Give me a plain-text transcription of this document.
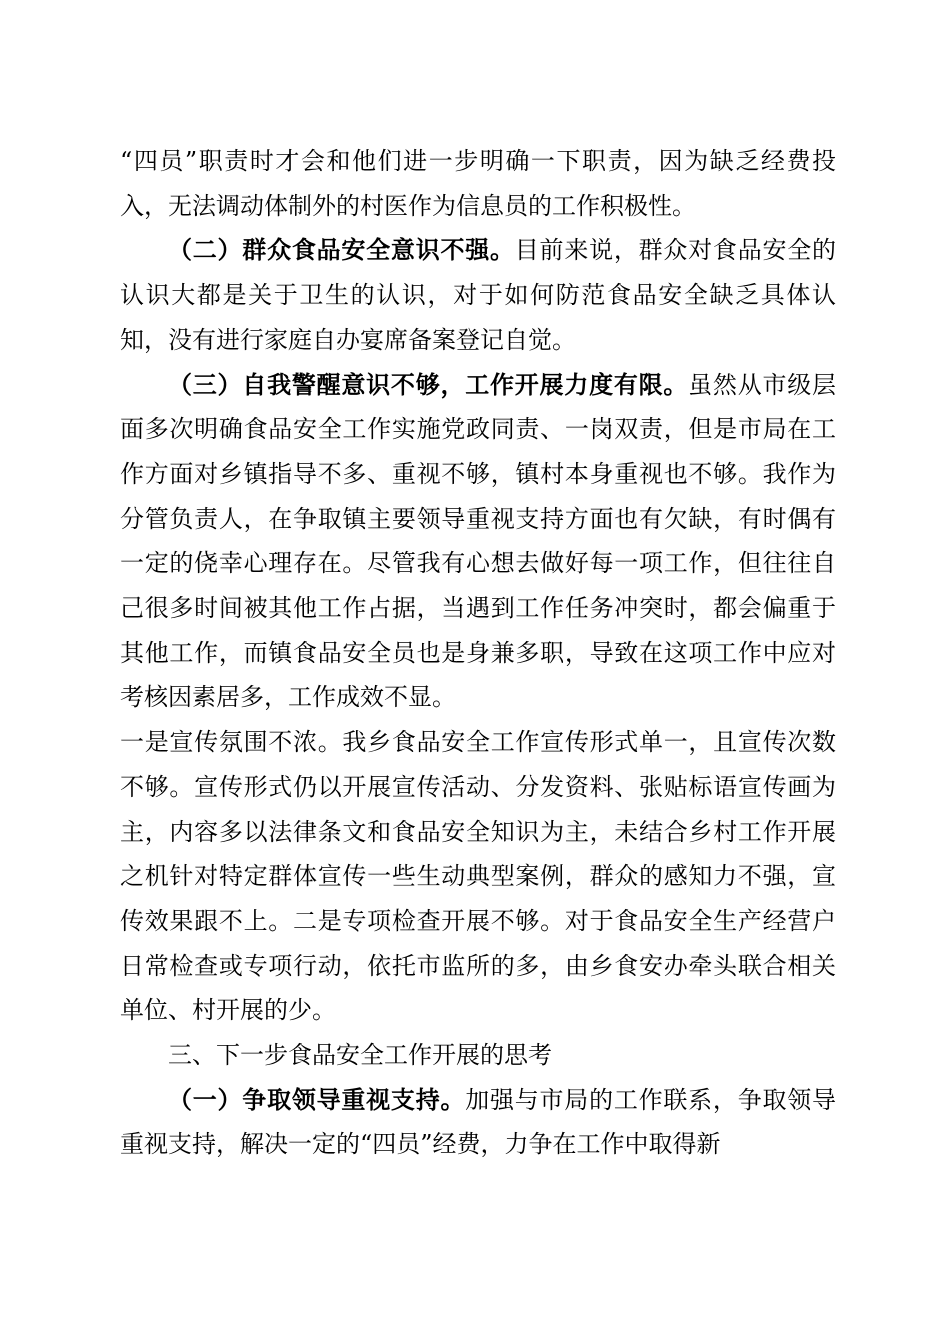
“四员”职责时才会和他们进一步明确一下职责，因为缺乏经费投入，无法调动体制外的村医作为信息员的工作积极性。

（二）群众食品安全意识不强。目前来说，群众对食品安全的认识大都是关于卫生的认识，对于如何防范食品安全缺乏具体认知，没有进行家庭自办宴席备案登记自觉。

（三）自我警醒意识不够，工作开展力度有限。虽然从市级层面多次明确食品安全工作实施党政同责、一岗双责，但是市局在工作方面对乡镇指导不多、重视不够，镇村本身重视也不够。我作为分管负责人，在争取镇主要领导重视支持方面也有欠缺，有时偶有一定的侥幸心理存在。尽管我有心想去做好每一项工作，但往往自己很多时间被其他工作占据，当遇到工作任务冲突时，都会偏重于其他工作，而镇食品安全员也是身兼多职，导致在这项工作中应对考核因素居多，工作成效不显。

一是宣传氛围不浓。我乡食品安全工作宣传形式单一，且宣传次数不够。宣传形式仍以开展宣传活动、分发资料、张贴标语宣传画为主，内容多以法律条文和食品安全知识为主，未结合乡村工作开展之机针对特定群体宣传一些生动典型案例，群众的感知力不强，宣传效果跟不上。二是专项检查开展不够。对于食品安全生产经营户日常检查或专项行动，依托市监所的多，由乡食安办牵头联合相关单位、村开展的少。

三、下一步食品安全工作开展的思考

（一）争取领导重视支持。加强与市局的工作联系，争取领导重视支持，解决一定的“四员”经费，力争在工作中取得新
